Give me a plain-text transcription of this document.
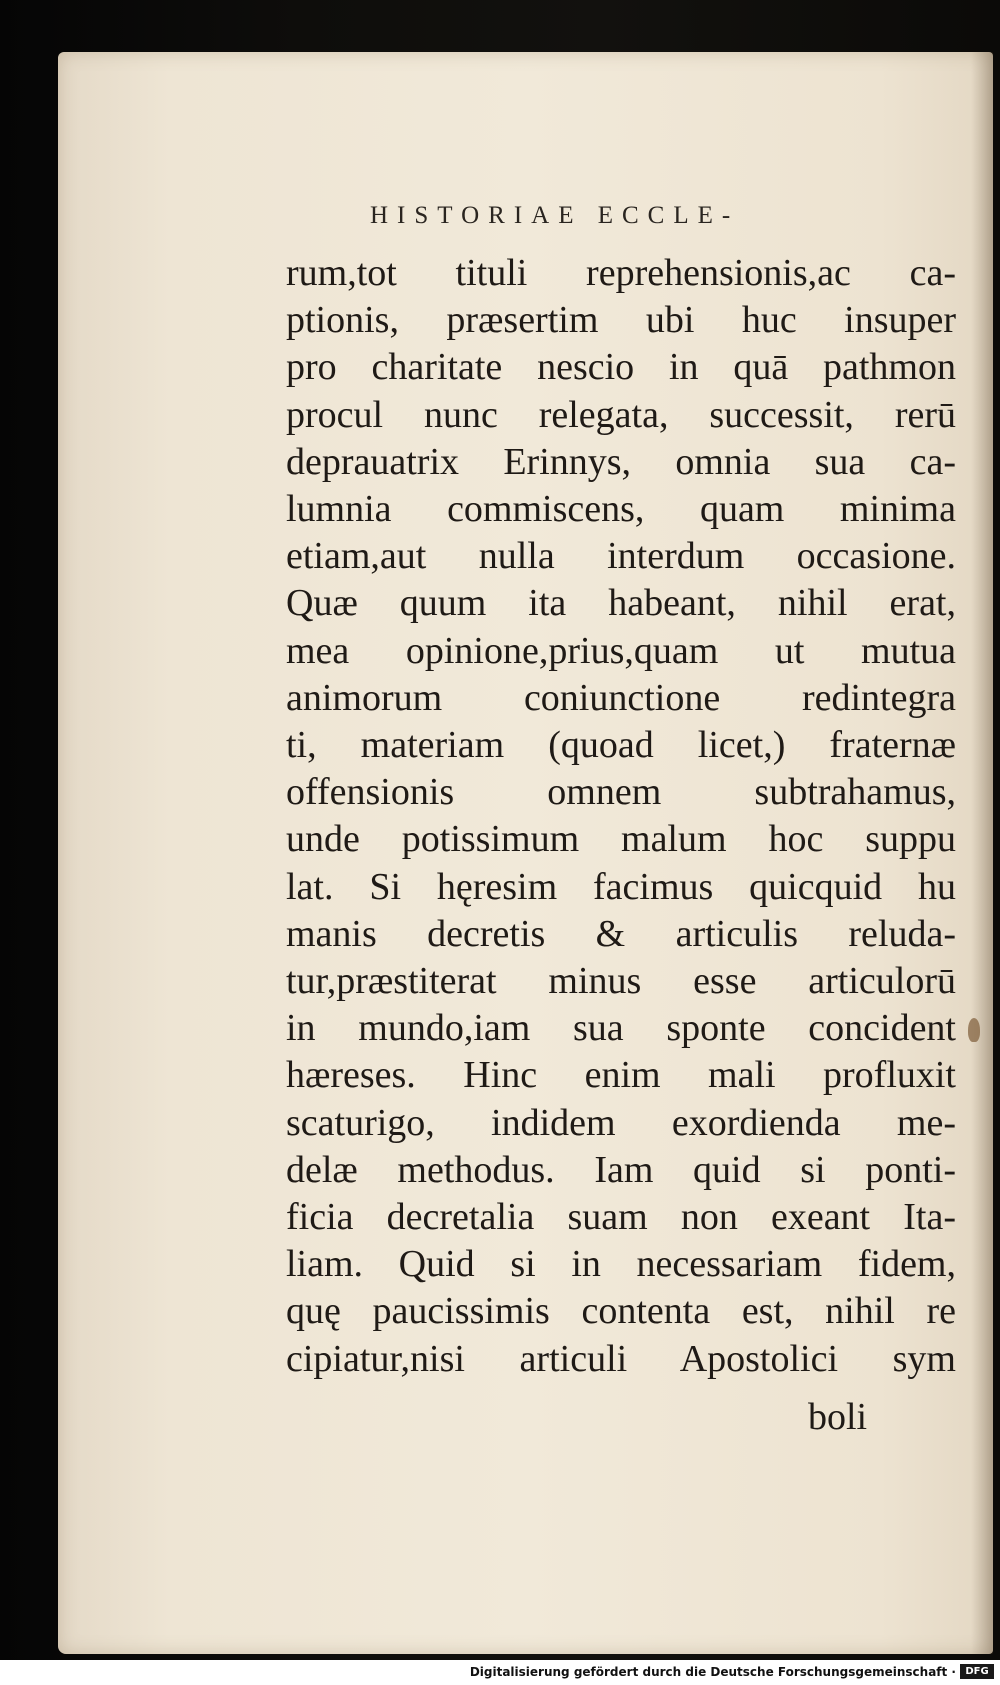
HISTORIAE ECCLE-
rum,tot tituli reprehensionis,ac ca-
ptionis, præsertim ubi huc insuper
pro charitate nescio in quā pathmon
procul nunc relegata, successit, rerū
deprauatrix Erinnys, omnia sua ca-
lumnia commiscens, quam minima
etiam,aut nulla interdum occasione.
Quæ quum ita habeant, nihil erat,
mea opinione,prius,quam ut mutua
animorum coniunctione redintegra
ti, materiam (quoad licet,) fraternæ
offensionis omnem subtrahamus,
unde potissimum malum hoc suppu
lat. Si hęresim facimus quicquid hu
manis decretis & articulis reluda-
tur,præstiterat minus esse articulorū
in mundo,iam sua sponte concident
hæreses. Hinc enim mali profluxit
scaturigo, indidem exordienda me-
delæ methodus. Iam quid si ponti-
ficia decretalia suam non exeant Ita-
liam. Quid si in necessariam fidem,
quę paucissimis contenta est, nihil re
cipiatur,nisi articuli Apostolici sym
boli
Digitalisierung gefördert durch die Deutsche Forschungsgemeinschaft · DFG
